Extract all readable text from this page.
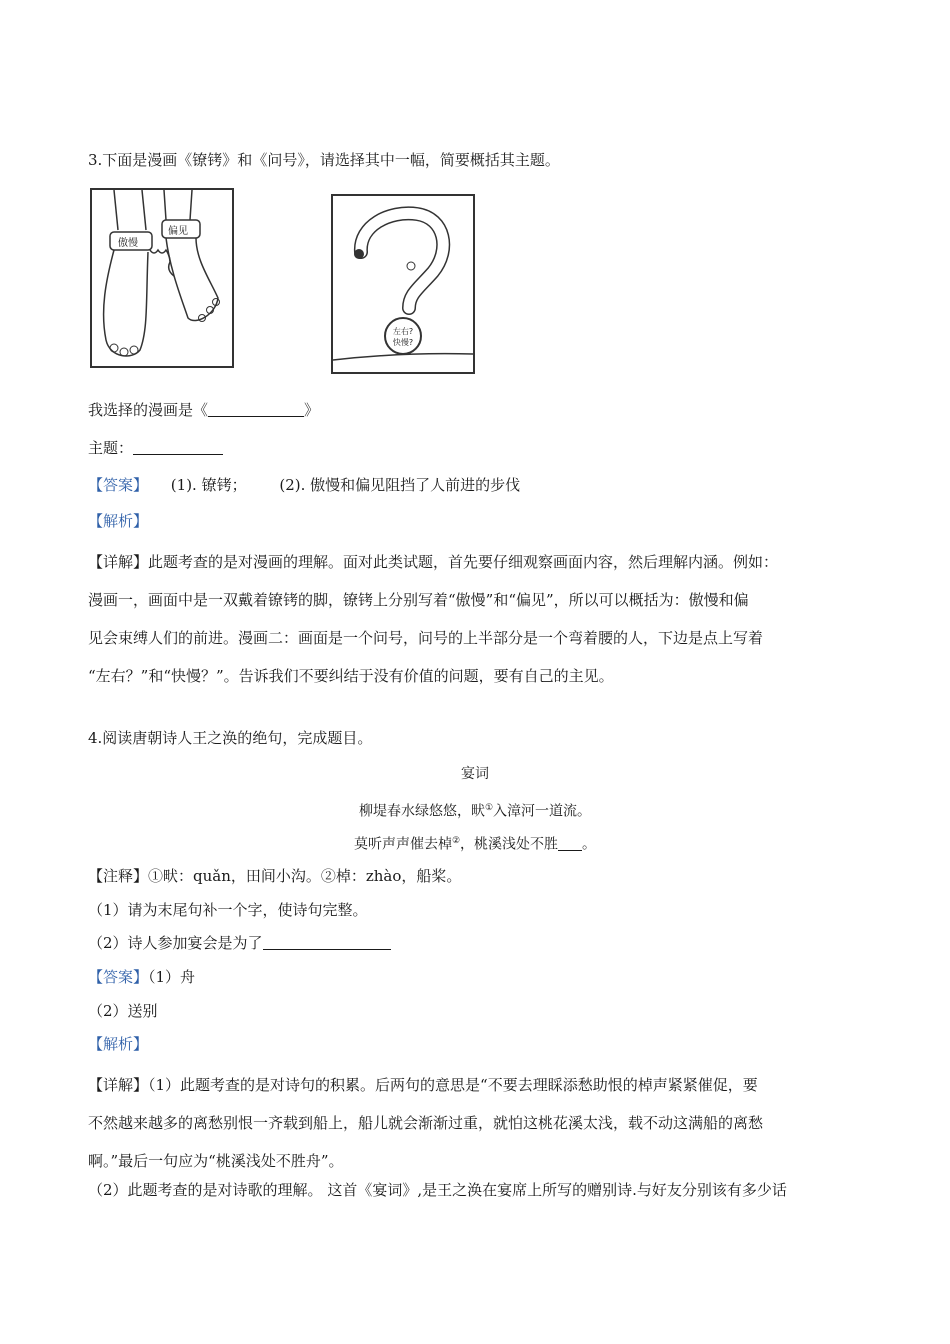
3.下面是漫画《镣铐》和《问号》，请选择其中一幅，简要概括其主题。
傲慢
偏见
左右?
快慢?
我选择的漫画是《	》
主题：
【答案】 (1). 镣铐； (2). 傲慢和偏见阻挡了人前进的步伐
【解析】
【详解】此题考查的是对漫画的理解。面对此类试题，首先要仔细观察画面内容，然后理解内涵。例如：
漫画一，画面中是一双戴着镣铐的脚，镣铐上分别写着“傲慢”和“偏见”，所以可以概括为：傲慢和偏
见会束缚人们的前进。漫画二：画面是一个问号，问号的上半部分是一个弯着腰的人，下边是点上写着
“左右？”和“快慢？”。告诉我们不要纠结于没有价值的问题，要有自己的主见。
4.阅读唐朝诗人王之涣的绝句，完成题目。
宴词
柳堤春水绿悠悠，畎①入漳河一道流。
莫听声声催去棹②，桃溪浅处不胜 。
【注释】①畎：quǎn，田间小沟。②棹：zhào，船桨。
（1）请为末尾句补一个字，使诗句完整。
（2）诗人参加宴会是为了
【答案】（1）舟
（2）送别
【解析】
【详解】（1）此题考查的是对诗句的积累。后两句的意思是“不要去理睬添愁助恨的棹声紧紧催促，要
不然越来越多的离愁别恨一齐载到船上，船儿就会渐渐过重，就怕这桃花溪太浅，载不动这满船的离愁
啊。”最后一句应为“桃溪浅处不胜舟”。
（2）此题考查的是对诗歌的理解。 这首《宴词》,是王之涣在宴席上所写的赠别诗.与好友分别该有多少话
